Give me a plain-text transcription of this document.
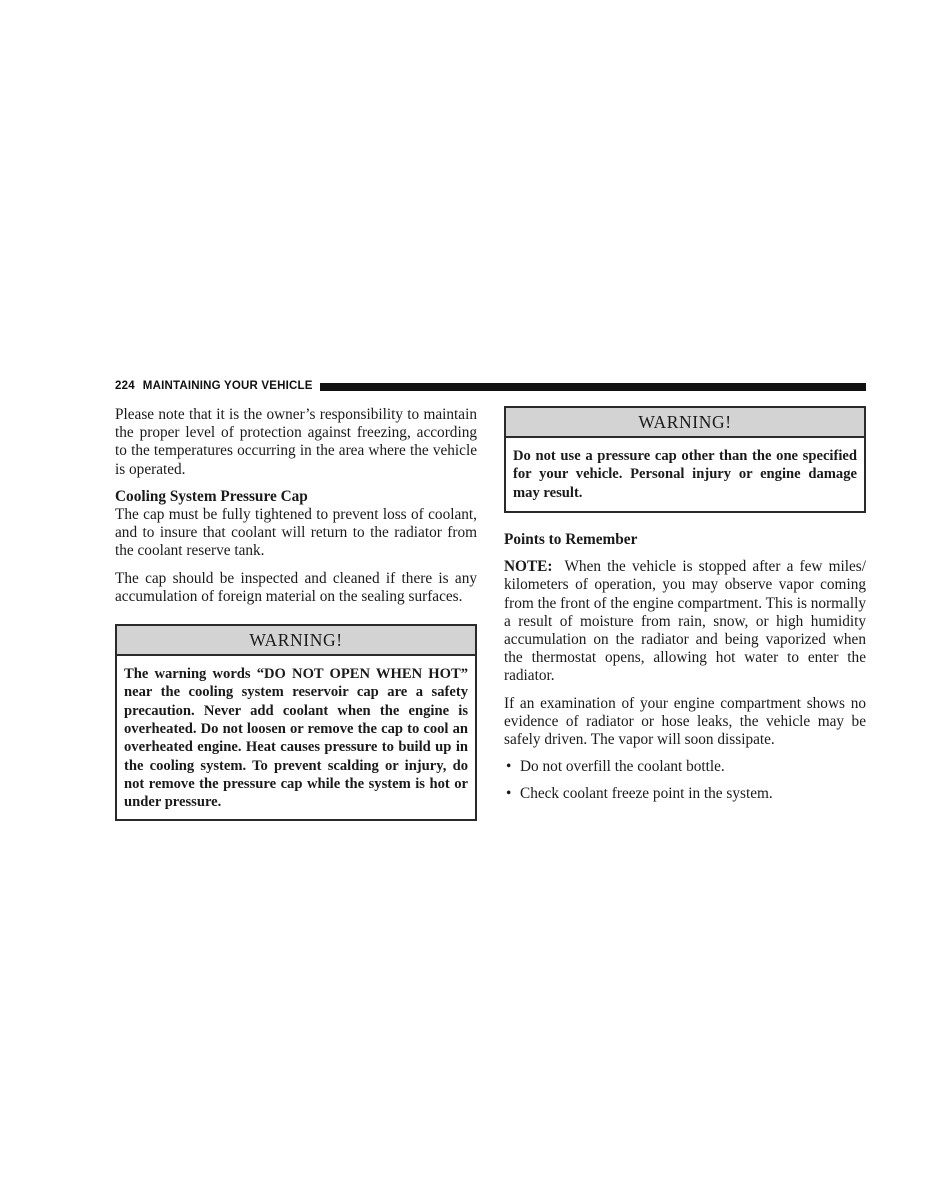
224 MAINTAINING YOUR VEHICLE

Please note that it is the owner’s responsibility to maintain the proper level of protection against freezing, according to the temperatures occurring in the area where the vehicle is operated.

Cooling System Pressure Cap

The cap must be fully tightened to prevent loss of coolant, and to insure that coolant will return to the radiator from the coolant reserve tank.

The cap should be inspected and cleaned if there is any accumulation of foreign material on the sealing surfaces.

WARNING!
The warning words “DO NOT OPEN WHEN HOT” near the cooling system reservoir cap are a safety precaution. Never add coolant when the engine is overheated. Do not loosen or remove the cap to cool an overheated engine. Heat causes pressure to build up in the cooling system. To prevent scalding or injury, do not remove the pressure cap while the system is hot or under pressure.
WARNING!
Do not use a pressure cap other than the one specified for your vehicle. Personal injury or engine damage may result.

Points to Remember

NOTE: When the vehicle is stopped after a few miles/ kilometers of operation, you may observe vapor coming from the front of the engine compartment. This is normally a result of moisture from rain, snow, or high humidity accumulation on the radiator and being vaporized when the thermostat opens, allowing hot water to enter the radiator.

If an examination of your engine compartment shows no evidence of radiator or hose leaks, the vehicle may be safely driven. The vapor will soon dissipate.

• Do not overfill the coolant bottle.
• Check coolant freeze point in the system.
